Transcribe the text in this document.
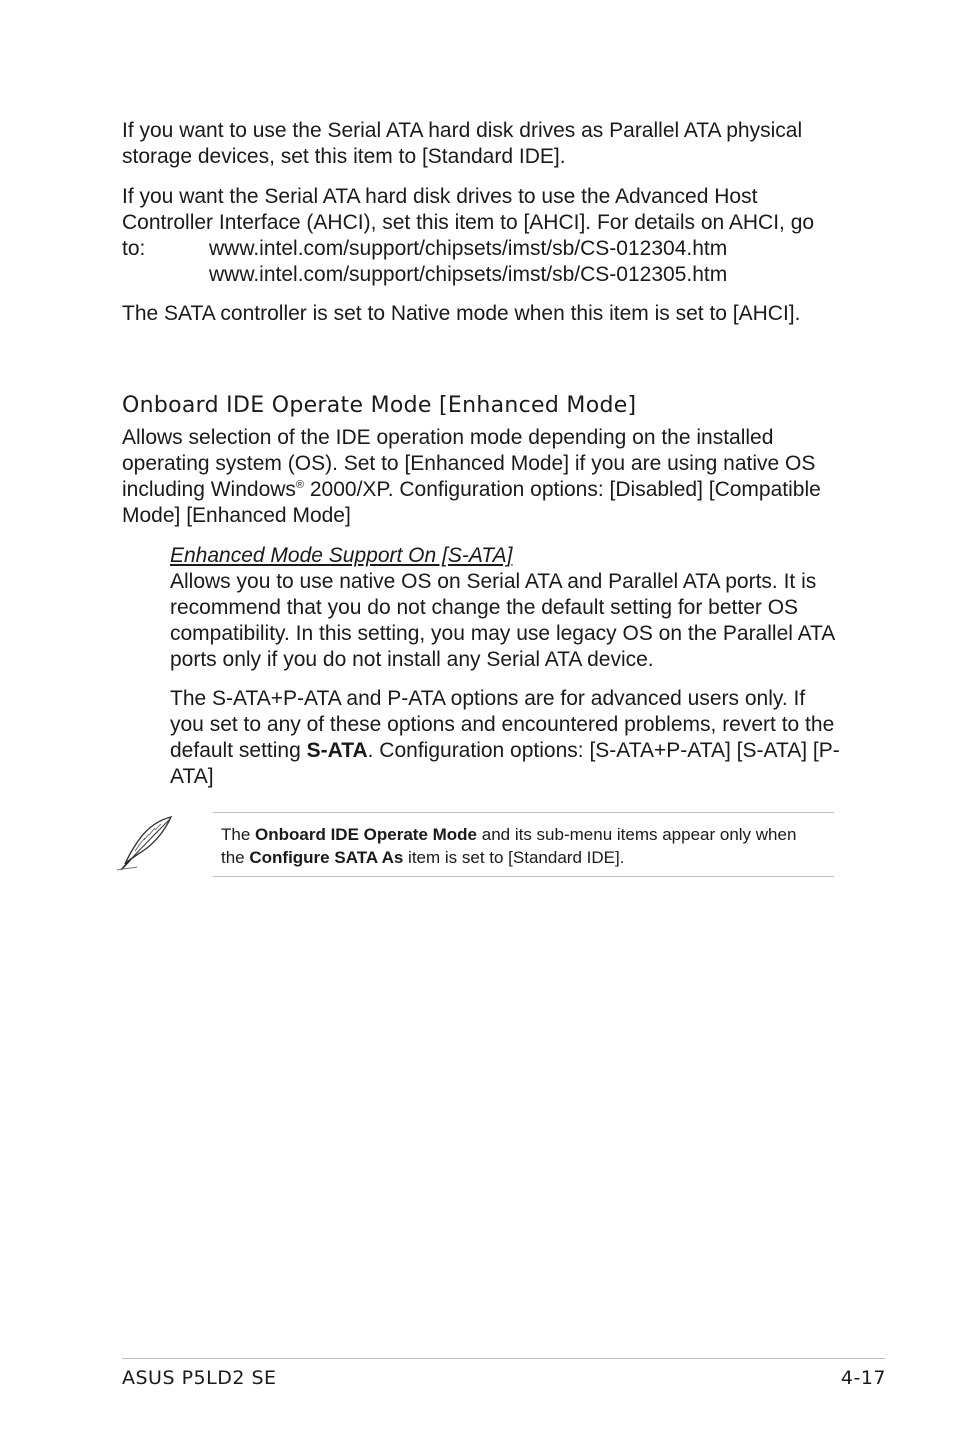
If you want to use the Serial ATA hard disk drives as Parallel ATA physical storage devices, set this item to [Standard IDE].

If you want the Serial ATA hard disk drives to use the Advanced Host Controller Interface (AHCI), set this item to [AHCI]. For details on AHCI, go
to:	www.intel.com/support/chipsets/imst/sb/CS-012304.htm
www.intel.com/support/chipsets/imst/sb/CS-012305.htm

The SATA controller is set to Native mode when this item is set to [AHCI].

Onboard IDE Operate Mode [Enhanced Mode]

Allows selection of the IDE operation mode depending on the installed operating system (OS). Set to [Enhanced Mode] if you are using native OS including Windows® 2000/XP. Configuration options: [Disabled] [Compatible Mode] [Enhanced Mode]

Enhanced Mode Support On [S-ATA]
Allows you to use native OS on Serial ATA and Parallel ATA ports. It is recommend that you do not change the default setting for better OS compatibility. In this setting, you may use legacy OS on the Parallel ATA ports only if you do not install any Serial ATA device.

The S-ATA+P-ATA and P-ATA options are for advanced users only. If you set to any of these options and encountered problems, revert to the default setting S-ATA. Configuration options: [S-ATA+P-ATA] [S-ATA] [P-ATA]

The Onboard IDE Operate Mode and its sub-menu items appear only when the Configure SATA As item is set to [Standard IDE].

ASUS P5LD2 SE	4-17
